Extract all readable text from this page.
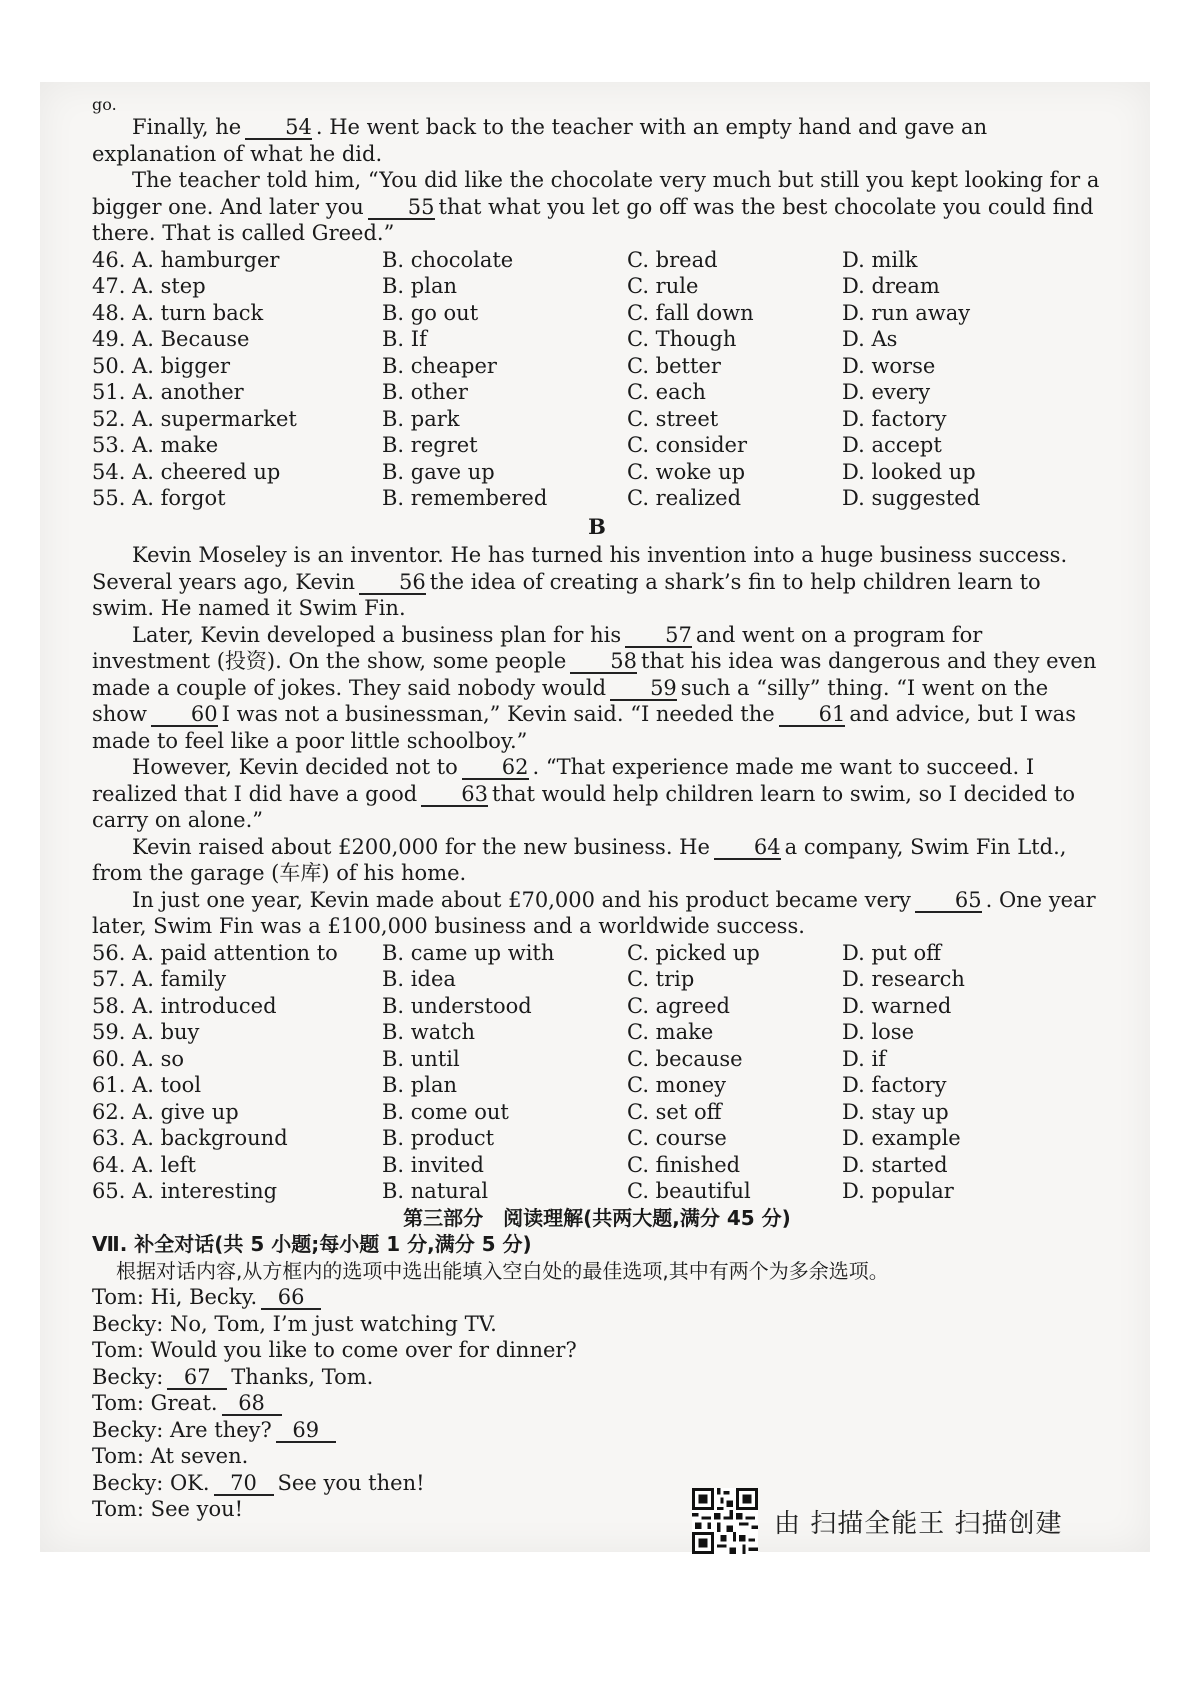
go.

Finally, he 54 . He went back to the teacher with an empty hand and gave an explanation of what he did.

The teacher told him, “You did like the chocolate very much but still you kept looking for a bigger one. And later you 55 that what you let go off was the best chocolate you could find there. That is called Greed.”

46. A. hamburger	B. chocolate	C. bread	D. milk
47. A. step	B. plan	C. rule	D. dream
48. A. turn back	B. go out	C. fall down	D. run away
49. A. Because	B. If	C. Though	D. As
50. A. bigger	B. cheaper	C. better	D. worse
51. A. another	B. other	C. each	D. every
52. A. supermarket	B. park	C. street	D. factory
53. A. make	B. regret	C. consider	D. accept
54. A. cheered up	B. gave up	C. woke up	D. looked up
55. A. forgot	B. remembered	C. realized	D. suggested

B

Kevin Moseley is an inventor. He has turned his invention into a huge business success. Several years ago, Kevin 56 the idea of creating a shark’s fin to help children learn to swim. He named it Swim Fin.

Later, Kevin developed a business plan for his 57 and went on a program for investment (投资). On the show, some people 58 that his idea was dangerous and they even made a couple of jokes. They said nobody would 59 such a “silly” thing. “I went on the show 60 I was not a businessman,” Kevin said. “I needed the 61 and advice, but I was made to feel like a poor little schoolboy.”

However, Kevin decided not to 62 . “That experience made me want to succeed. I realized that I did have a good 63 that would help children learn to swim, so I decided to carry on alone.”

Kevin raised about £200,000 for the new business. He 64 a company, Swim Fin Ltd., from the garage (车库) of his home.

In just one year, Kevin made about £70,000 and his product became very 65 . One year later, Swim Fin was a £100,000 business and a worldwide success.

56. A. paid attention to	B. came up with	C. picked up	D. put off
57. A. family	B. idea	C. trip	D. research
58. A. introduced	B. understood	C. agreed	D. warned
59. A. buy	B. watch	C. make	D. lose
60. A. so	B. until	C. because	D. if
61. A. tool	B. plan	C. money	D. factory
62. A. give up	B. come out	C. set off	D. stay up
63. A. background	B. product	C. course	D. example
64. A. left	B. invited	C. finished	D. started
65. A. interesting	B. natural	C. beautiful	D. popular

第三部分　阅读理解(共两大题,满分 45 分)

Ⅶ. 补全对话(共 5 小题;每小题 1 分,满分 5 分)

根据对话内容,从方框内的选项中选出能填入空白处的最佳选项,其中有两个为多余选项。

Tom: Hi, Becky. 66

Becky: No, Tom, I’m just watching TV.

Tom: Would you like to come over for dinner?

Becky: 67 Thanks, Tom.

Tom: Great. 68

Becky: Are they? 69

Tom: At seven.

Becky: OK. 70 See you then!

Tom: See you!	由 扫描全能王 扫描创建
